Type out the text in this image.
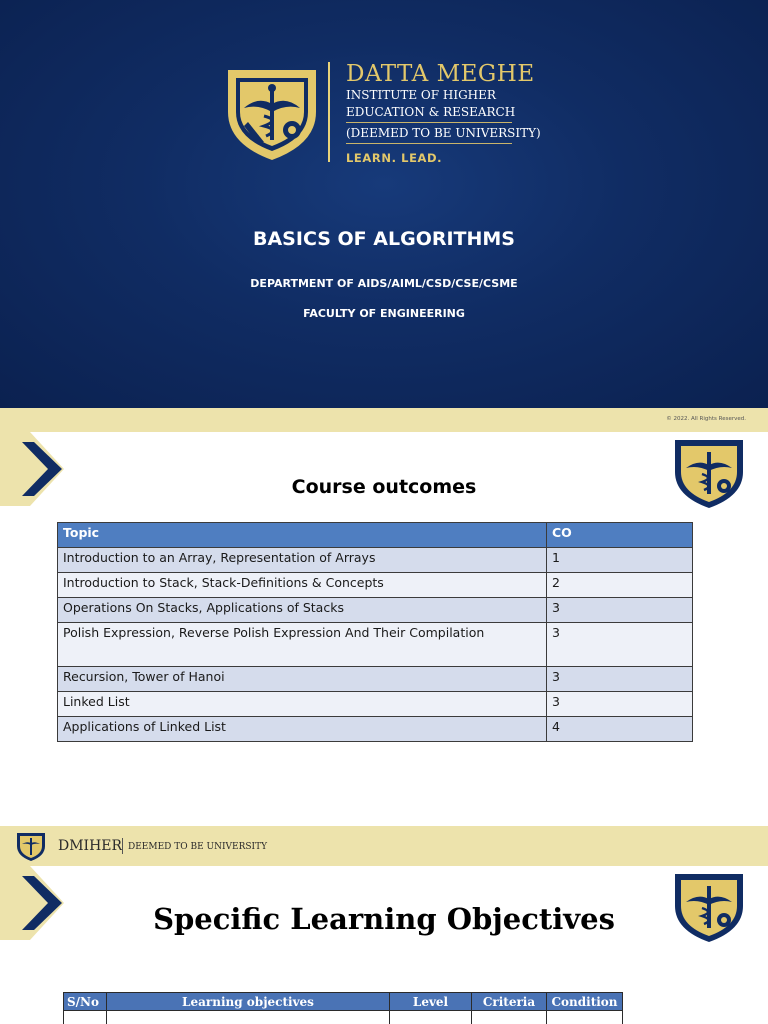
DATTA MEGHE
INSTITUTE OF HIGHER
EDUCATION & RESEARCH
(DEEMED TO BE UNIVERSITY)
LEARN. LEAD.
BASICS OF ALGORITHMS
DEPARTMENT OF AIDS/AIML/CSD/CSE/CSME
FACULTY OF ENGINEERING
© 2022. All Rights Reserved.
Course outcomes
Topic	CO
Introduction to an Array, Representation of Arrays	1
Introduction to Stack, Stack-Definitions & Concepts	2
Operations On Stacks, Applications of Stacks	3
Polish Expression, Reverse Polish Expression And Their Compilation	3
Recursion, Tower of Hanoi	3
Linked List	3
Applications of Linked List	4
DMIHER DEEMED TO BE UNIVERSITY
Specific Learning Objectives
S/No	Learning objectives	Level	Criteria	Condition
